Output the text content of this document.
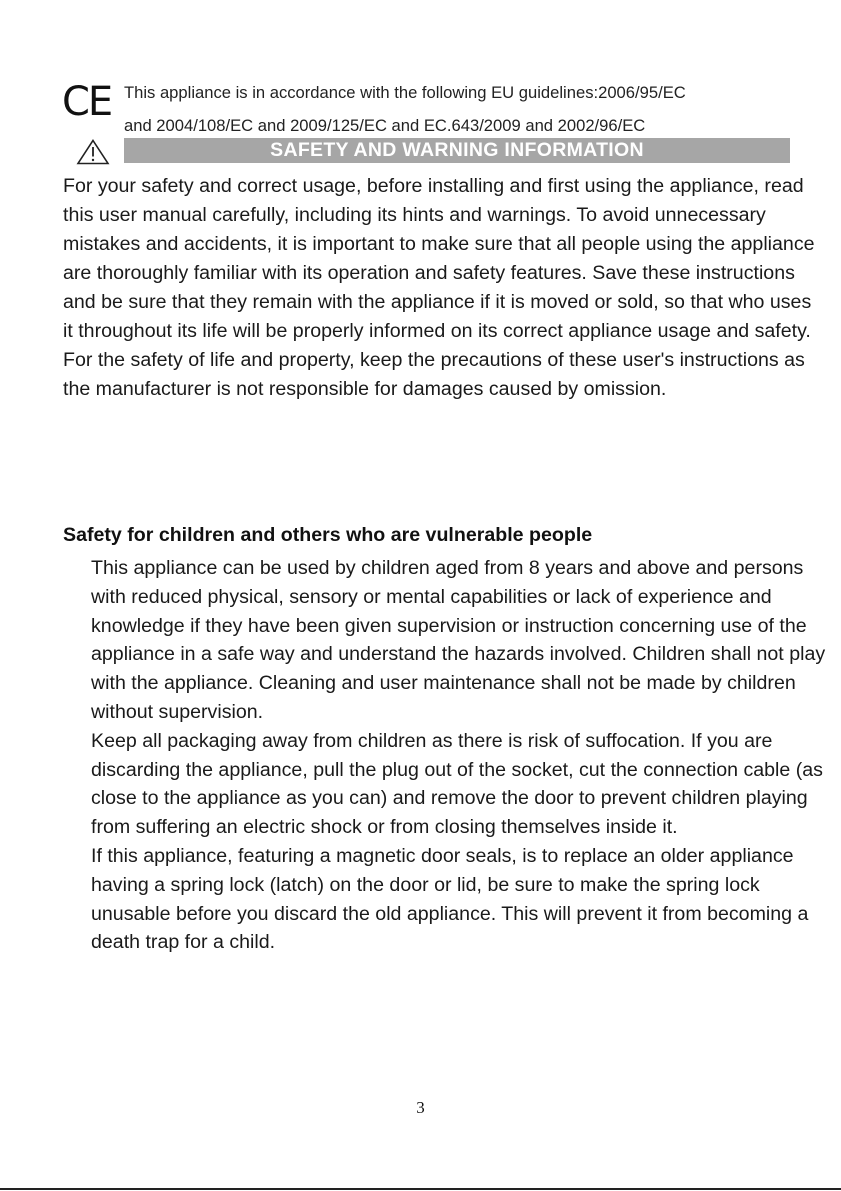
CE This appliance is in accordance with the following EU guidelines:2006/95/EC
and 2004/108/EC and 2009/125/EC and EC.643/2009 and 2002/96/EC
SAFETY AND WARNING INFORMATION

For your safety and correct usage, before installing and first using the appliance, read this user manual carefully, including its hints and warnings. To avoid unnecessary mistakes and accidents, it is important to make sure that all people using the appliance are thoroughly familiar with its operation and safety features. Save these instructions and be sure that they remain with the appliance if it is moved or sold, so that who uses it throughout its life will be properly informed on its correct appliance usage and safety.

For the safety of life and property, keep the precautions of these user's instructions as the manufacturer is not responsible for damages caused by omission.

Safety for children and others who are vulnerable people

This appliance can be used by children aged from 8 years and above and persons with reduced physical, sensory or mental capabilities or lack of experience and knowledge if they have been given supervision or instruction concerning use of the appliance in a safe way and understand the hazards involved. Children shall not play with the appliance. Cleaning and user maintenance shall not be made by children without supervision.

Keep all packaging away from children as there is risk of suffocation. If you are discarding the appliance, pull the plug out of the socket, cut the connection cable (as close to the appliance as you can) and remove the door to prevent children playing from suffering an electric shock or from closing themselves inside it.

If this appliance, featuring a magnetic door seals, is to replace an older appliance having a spring lock (latch) on the door or lid, be sure to make the spring lock unusable before you discard the old appliance. This will prevent it from becoming a death trap for a child.

3
